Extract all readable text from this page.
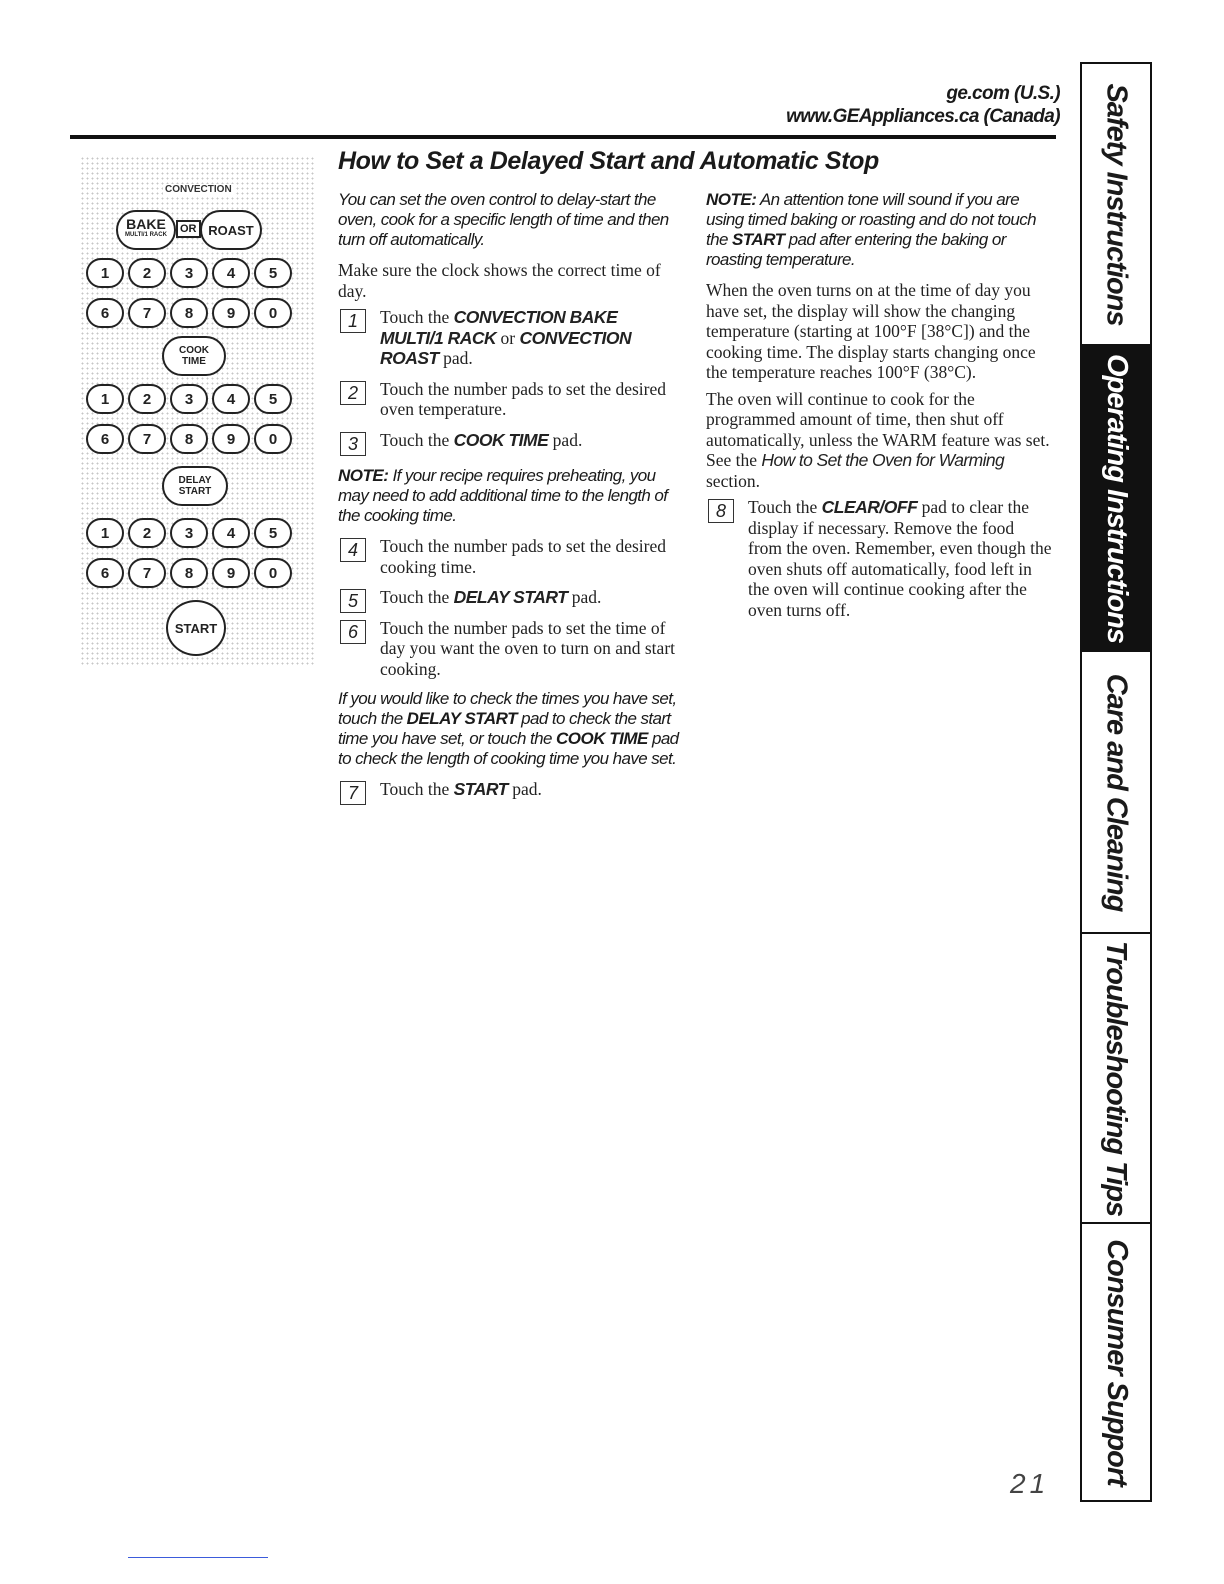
ge.com (U.S.)
www.GEAppliances.ca (Canada)
How to Set a Delayed Start and Automatic Stop
CONVECTION
BAKE
MULTI/1 RACK	OR ROAST
1	2	3	4	5
6	7	8	9	0
COOK
TIME
1	2	3	4	5
6	7	8	9	0
DELAY
START
1	2	3	4	5
6	7	8	9	0
START

You can set the oven control to delay-start the oven, cook for a specific length of time and then turn off automatically.

Make sure the clock shows the correct time of day.

1	Touch the CONVECTION BAKE MULTI/1 RACK or CONVECTION ROAST pad.
2	Touch the number pads to set the desired oven temperature.
3	Touch the COOK TIME pad.

NOTE: If your recipe requires preheating, you may need to add additional time to the length of the cooking time.

4	Touch the number pads to set the desired cooking time.
5	Touch the DELAY START pad.
6	Touch the number pads to set the time of day you want the oven to turn on and start cooking.

If you would like to check the times you have set, touch the DELAY START pad to check the start time you have set, or touch the COOK TIME pad to check the length of cooking time you have set.

7	Touch the START pad.

NOTE: An attention tone will sound if you are using timed baking or roasting and do not touch the START pad after entering the baking or roasting temperature.

When the oven turns on at the time of day you have set, the display will show the changing temperature (starting at 100°F [38°C]) and the cooking time. The display starts changing once the temperature reaches 100°F (38°C).

The oven will continue to cook for the programmed amount of time, then shut off automatically, unless the WARM feature was set. See the How to Set the Oven for Warming section.

8	Touch the CLEAR/OFF pad to clear the display if necessary. Remove the food from the oven. Remember, even though the oven shuts off automatically, food left in the oven will continue cooking after the oven turns off.
Safety Instructions
Operating Instructions
Care and Cleaning
Troubleshooting Tips
Consumer Support
21
